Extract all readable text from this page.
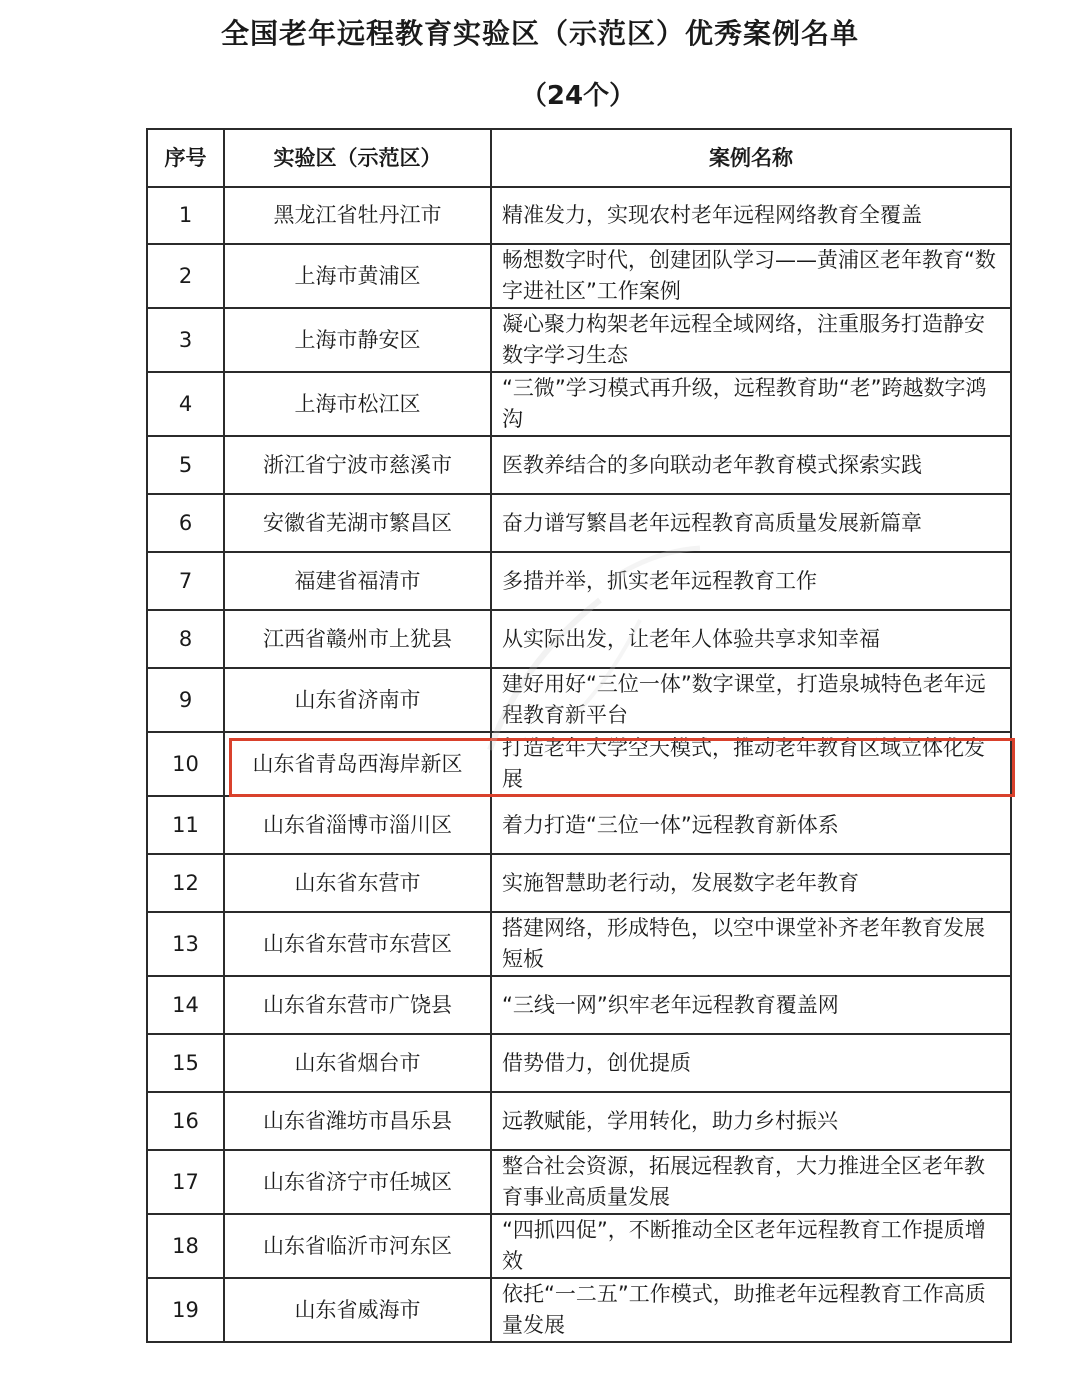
全国老年远程教育实验区（示范区）优秀案例名单
（24个）
序号	实验区（示范区）	案例名称
1	黑龙江省牡丹江市	精准发力，实现农村老年远程网络教育全覆盖
2	上海市黄浦区	畅想数字时代，创建团队学习——黄浦区老年教育“数字进社区”工作案例
3	上海市静安区	凝心聚力构架老年远程全域网络，注重服务打造静安数字学习生态
4	上海市松江区	“三微”学习模式再升级，远程教育助“老”跨越数字鸿沟
5	浙江省宁波市慈溪市	医教养结合的多向联动老年教育模式探索实践
6	安徽省芜湖市繁昌区	奋力谱写繁昌老年远程教育高质量发展新篇章
7	福建省福清市	多措并举，抓实老年远程教育工作
8	江西省赣州市上犹县	从实际出发，让老年人体验共享求知幸福
9	山东省济南市	建好用好“三位一体”数字课堂，打造泉城特色老年远程教育新平台
10	山东省青岛西海岸新区	打造老年大学空天模式，推动老年教育区域立体化发展
11	山东省淄博市淄川区	着力打造“三位一体”远程教育新体系
12	山东省东营市	实施智慧助老行动，发展数字老年教育
13	山东省东营市东营区	搭建网络，形成特色，以空中课堂补齐老年教育发展短板
14	山东省东营市广饶县	“三线一网”织牢老年远程教育覆盖网
15	山东省烟台市	借势借力，创优提质
16	山东省潍坊市昌乐县	远教赋能，学用转化，助力乡村振兴
17	山东省济宁市任城区	整合社会资源，拓展远程教育，大力推进全区老年教育事业高质量发展
18	山东省临沂市河东区	“四抓四促”，不断推动全区老年远程教育工作提质增效
19	山东省威海市	依托“一二五”工作模式，助推老年远程教育工作高质量发展
